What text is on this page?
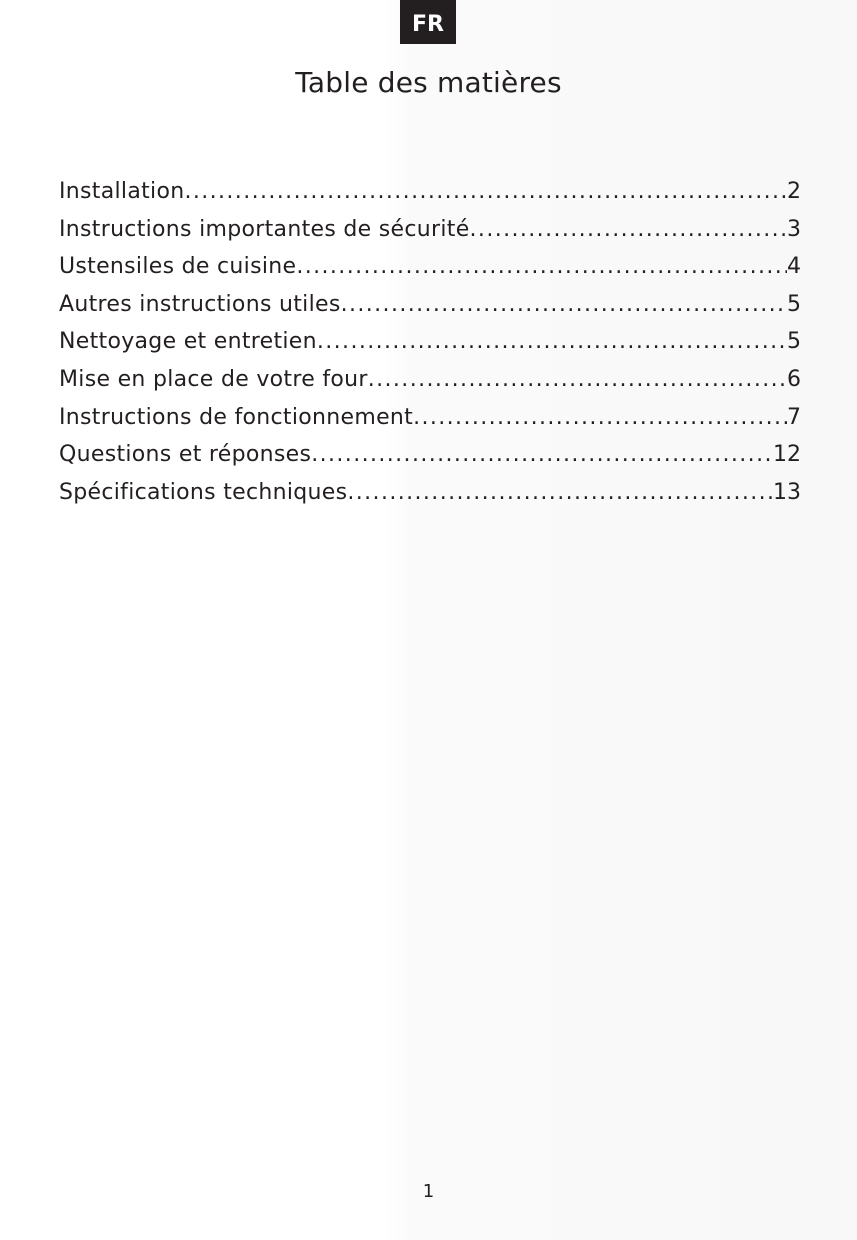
FR
Table des matières
Installation .....	2
Instructions importantes de sécurité .....	3
Ustensiles de cuisine .....	4
Autres instructions utiles .....	5
Nettoyage et entretien .....	5
Mise en place de votre four .....	6
Instructions de fonctionnement .....	7
Questions et réponses .....	12
Spécifications techniques .....	13
1
